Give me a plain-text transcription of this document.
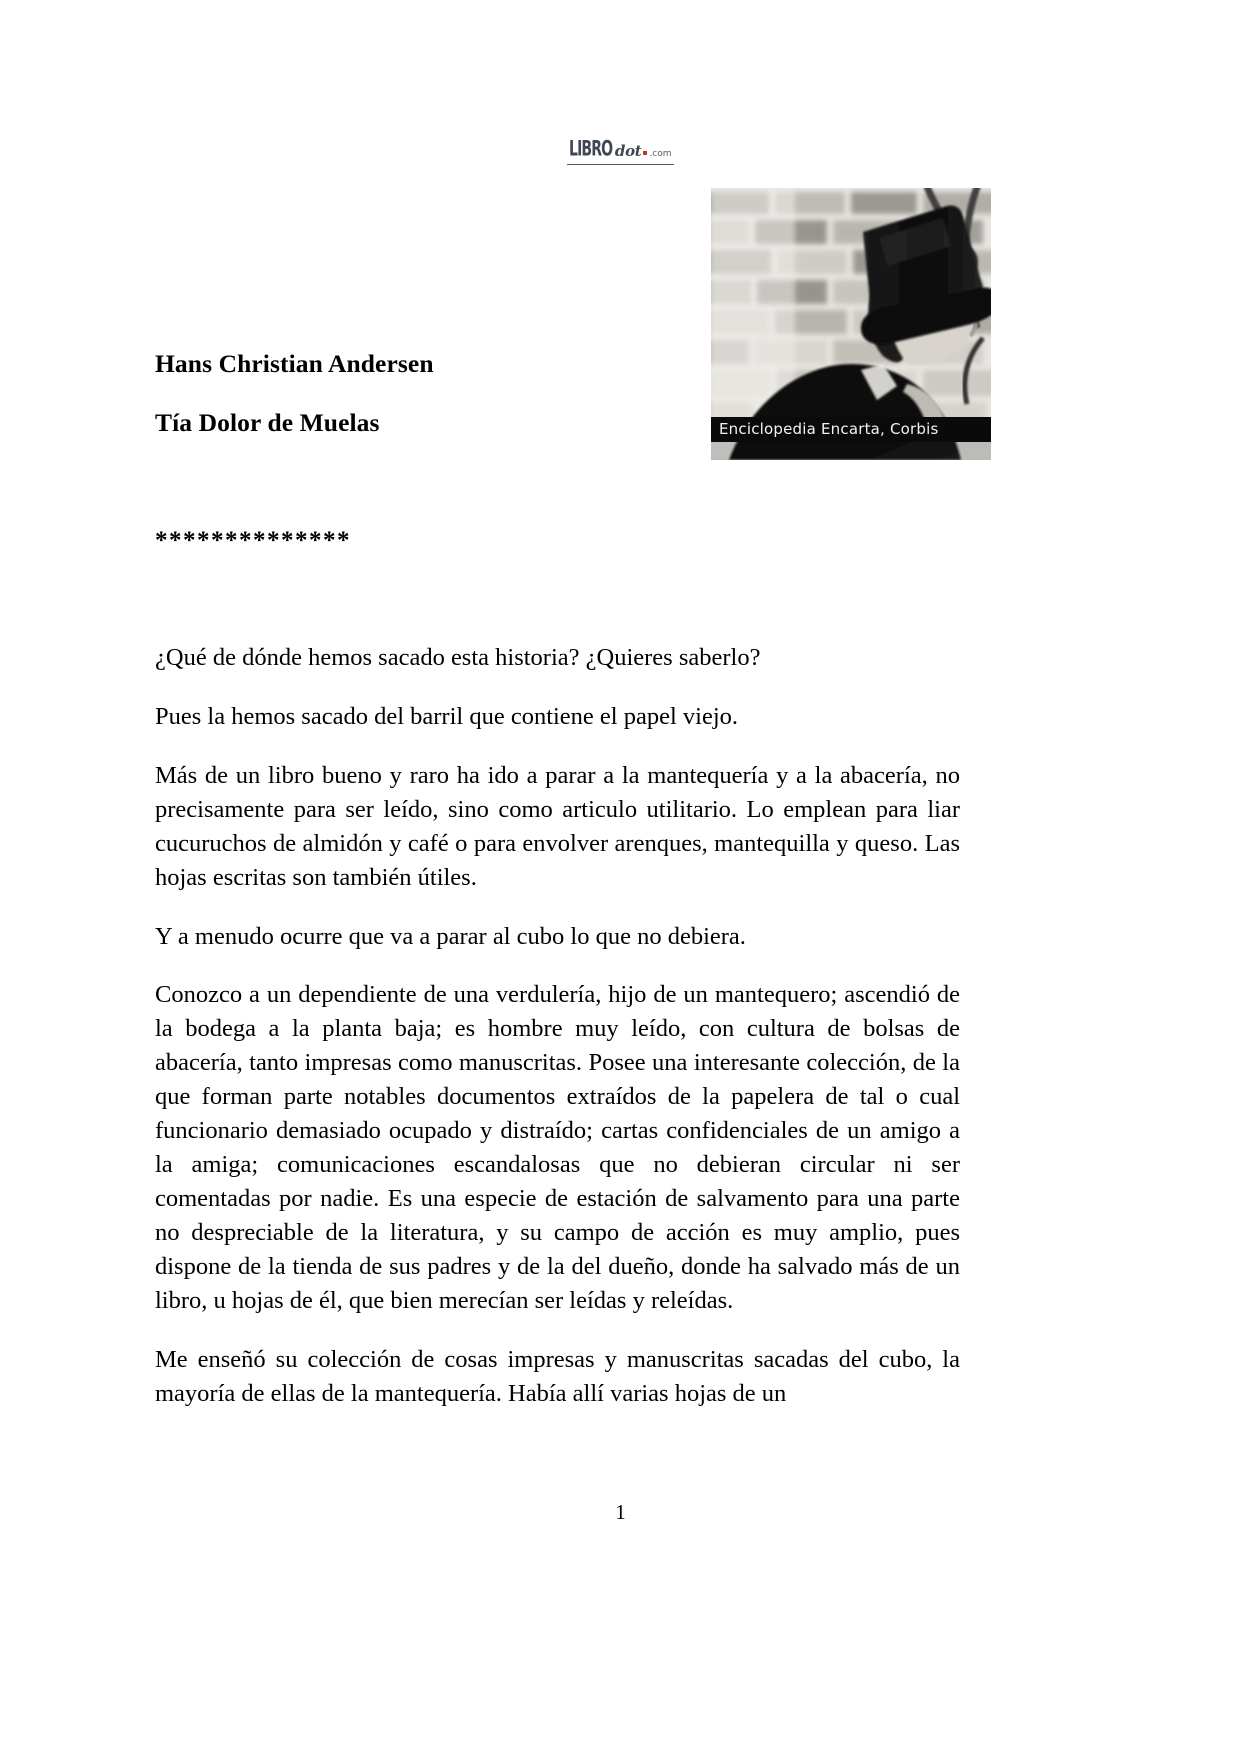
LIBRO dot .com
Enciclopedia Encarta, Corbis
Hans Christian Andersen
Tía Dolor de Muelas
**************

¿Qué de dónde hemos sacado esta historia? ¿Quieres saberlo?

Pues la hemos sacado del barril que contiene el papel viejo.

Más de un libro bueno y raro ha ido a parar a la mantequería y a la abacería, no precisamente para ser leído, sino como articulo utilitario. Lo emplean para liar cucuruchos de almidón y café o para envolver arenques, mantequilla y queso. Las hojas escritas son también útiles.

Y a menudo ocurre que va a parar al cubo lo que no debiera.

Conozco a un dependiente de una verdulería, hijo de un mantequero; ascendió de la bodega a la planta baja; es hombre muy leído, con cultura de bolsas de abacería, tanto impresas como manuscritas. Posee una interesante colección, de la que forman parte notables documentos extraídos de la papelera de tal o cual funcionario demasiado ocupado y distraído; cartas confidenciales de un amigo a la amiga; comunicaciones escandalosas que no debieran circular ni ser comentadas por nadie. Es una especie de estación de salvamento para una parte no despreciable de la literatura, y su campo de acción es muy amplio, pues dispone de la tienda de sus padres y de la del dueño, donde ha salvado más de un libro, u hojas de él, que bien merecían ser leídas y releídas.

Me enseñó su colección de cosas impresas y manuscritas sacadas del cubo, la mayoría de ellas de la mantequería. Había allí varias hojas de un

1
